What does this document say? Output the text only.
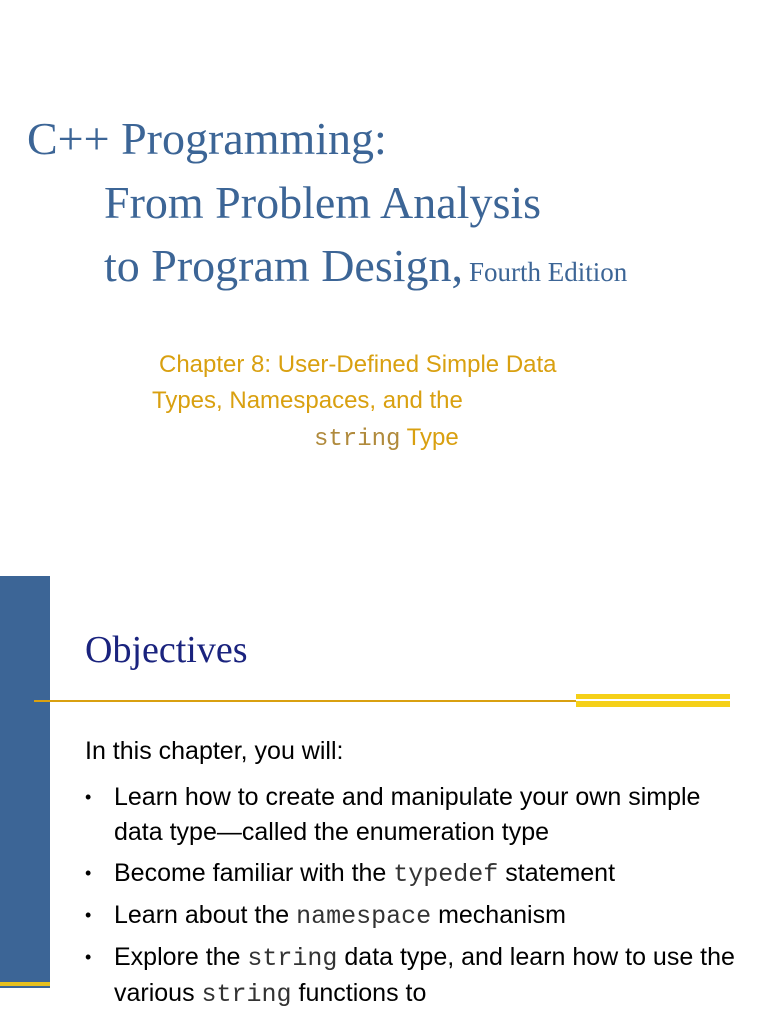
C++ Programming:
From Problem Analysis
to Program Design, Fourth Edition
Chapter 8: User-Defined Simple Data
Types, Namespaces, and the
string Type
Objectives
In this chapter, you will:
• Learn how to create and manipulate your own simple data type—called the enumeration type
• Become familiar with the typedef statement
• Learn about the namespace mechanism
• Explore the string data type, and learn how to use the various string functions to
